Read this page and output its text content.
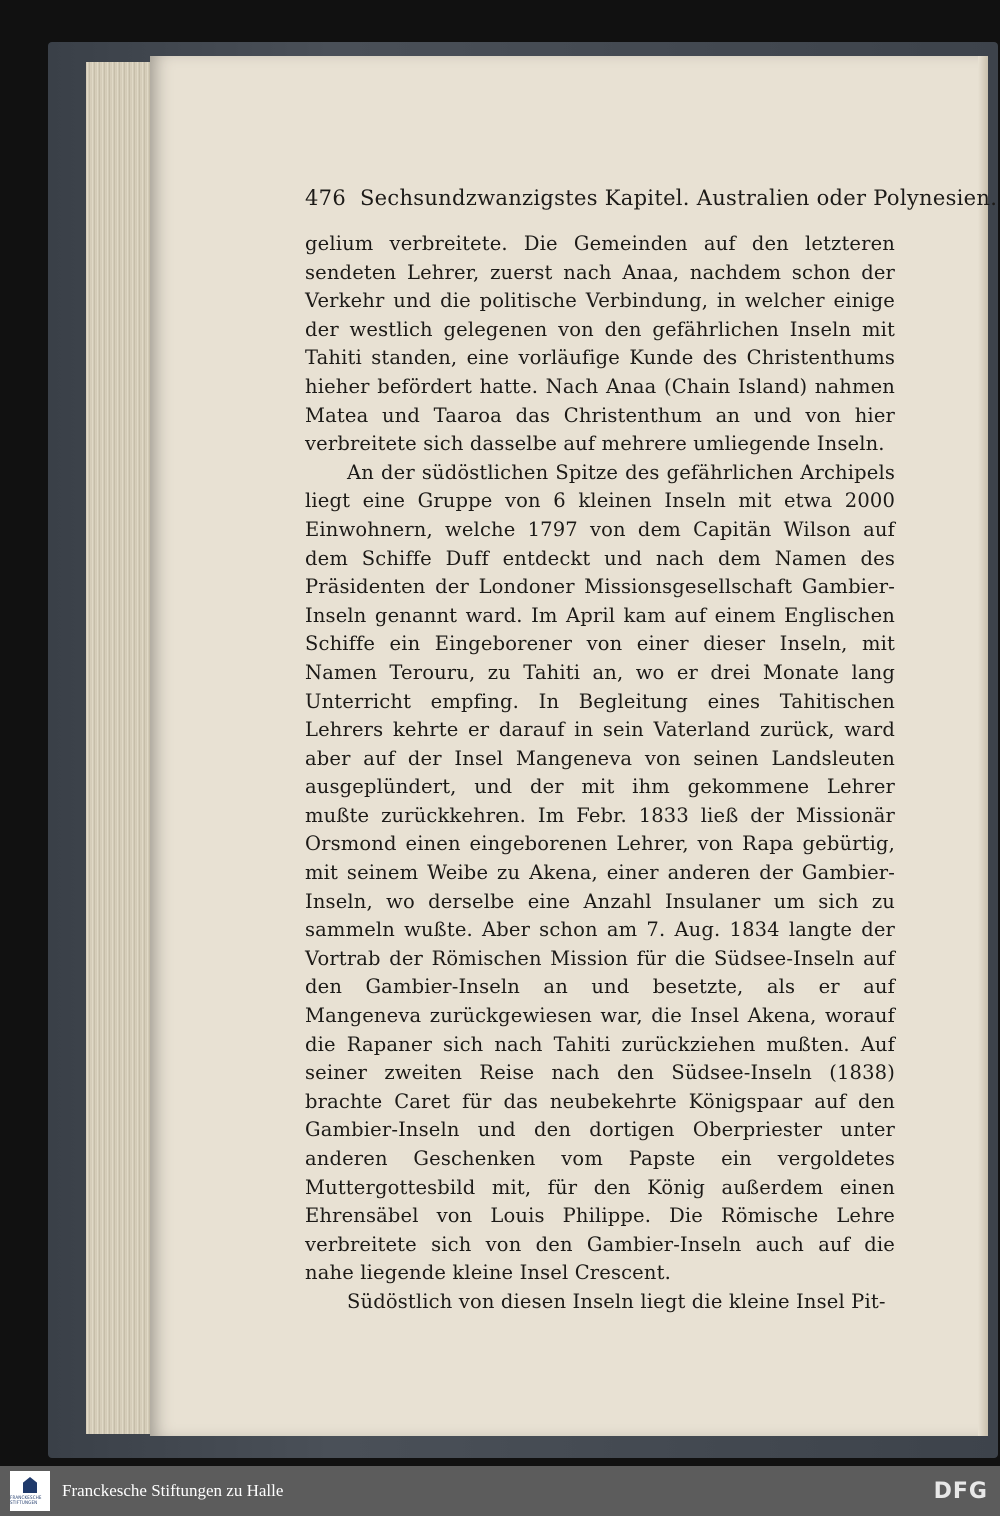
476 Sechsundzwanzigstes Kapitel. Australien oder Polynesien.

gelium verbreitete. Die Gemeinden auf den letzteren sendeten Lehrer, zuerst nach Anaa, nachdem schon der Verkehr und die politische Verbindung, in welcher einige der westlich gelegenen von den gefährlichen Inseln mit Tahiti standen, eine vorläufige Kunde des Christenthums hieher befördert hatte. Nach Anaa (Chain Island) nahmen Matea und Taaroa das Christenthum an und von hier verbreitete sich dasselbe auf mehrere umliegende Inseln.

An der südöstlichen Spitze des gefährlichen Archipels liegt eine Gruppe von 6 kleinen Inseln mit etwa 2000 Einwohnern, welche 1797 von dem Capitän Wilson auf dem Schiffe Duff entdeckt und nach dem Namen des Präsidenten der Londoner Missionsgesellschaft Gambier-Inseln genannt ward. Im April kam auf einem Englischen Schiffe ein Eingeborener von einer dieser Inseln, mit Namen Terouru, zu Tahiti an, wo er drei Monate lang Unterricht empfing. In Begleitung eines Tahitischen Lehrers kehrte er darauf in sein Vaterland zurück, ward aber auf der Insel Mangeneva von seinen Landsleuten ausgeplündert, und der mit ihm gekommene Lehrer mußte zurückkehren. Im Febr. 1833 ließ der Missionär Orsmond einen eingeborenen Lehrer, von Rapa gebürtig, mit seinem Weibe zu Akena, einer anderen der Gambier-Inseln, wo derselbe eine Anzahl Insulaner um sich zu sammeln wußte. Aber schon am 7. Aug. 1834 langte der Vortrab der Römischen Mission für die Südsee-Inseln auf den Gambier-Inseln an und besetzte, als er auf Mangeneva zurückgewiesen war, die Insel Akena, worauf die Rapaner sich nach Tahiti zurückziehen mußten. Auf seiner zweiten Reise nach den Südsee-Inseln (1838) brachte Caret für das neubekehrte Königspaar auf den Gambier-Inseln und den dortigen Oberpriester unter anderen Geschenken vom Papste ein vergoldetes Muttergottesbild mit, für den König außerdem einen Ehrensäbel von Louis Philippe. Die Römische Lehre verbreitete sich von den Gambier-Inseln auch auf die nahe liegende kleine Insel Crescent.

Südöstlich von diesen Inseln liegt die kleine Insel Pit-

FRANCKESCHE STIFTUNGEN
Franckesche Stiftungen zu Halle	DFG
